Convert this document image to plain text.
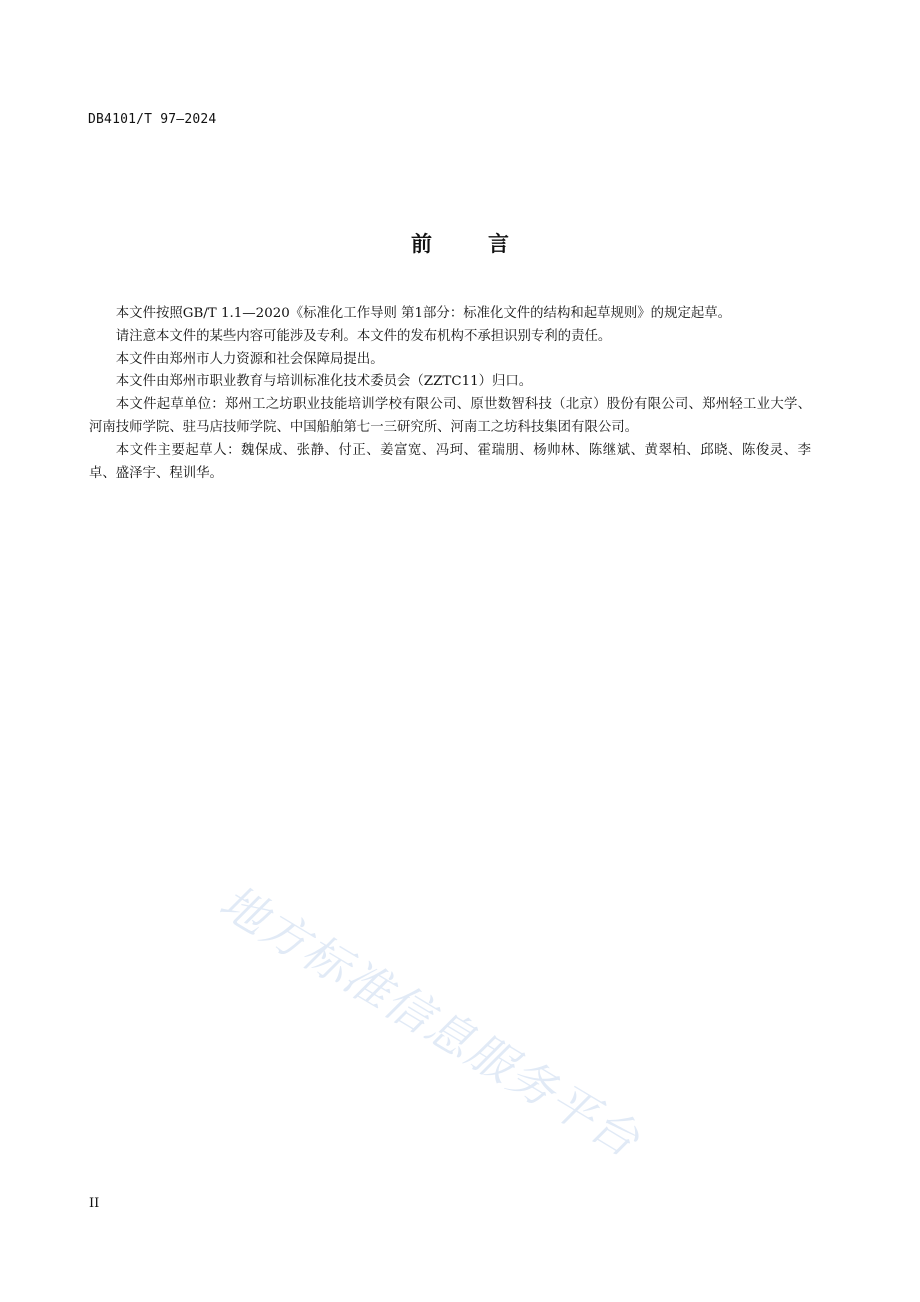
DB4101/T 97—2024
前言

本文件按照GB/T 1.1—2020《标准化工作导则 第1部分：标准化文件的结构和起草规则》的规定起草。

请注意本文件的某些内容可能涉及专利。本文件的发布机构不承担识别专利的责任。

本文件由郑州市人力资源和社会保障局提出。

本文件由郑州市职业教育与培训标准化技术委员会（ZZTC11）归口。

本文件起草单位：郑州工之坊职业技能培训学校有限公司、原世数智科技（北京）股份有限公司、郑州轻工业大学、河南技师学院、驻马店技师学院、中国船舶第七一三研究所、河南工之坊科技集团有限公司。

本文件主要起草人：魏保成、张静、付正、姜富宽、冯珂、霍瑞朋、杨帅林、陈继斌、黄翠柏、邱晓、陈俊灵、李卓、盛泽宇、程训华。

地方标准信息服务平台
II
